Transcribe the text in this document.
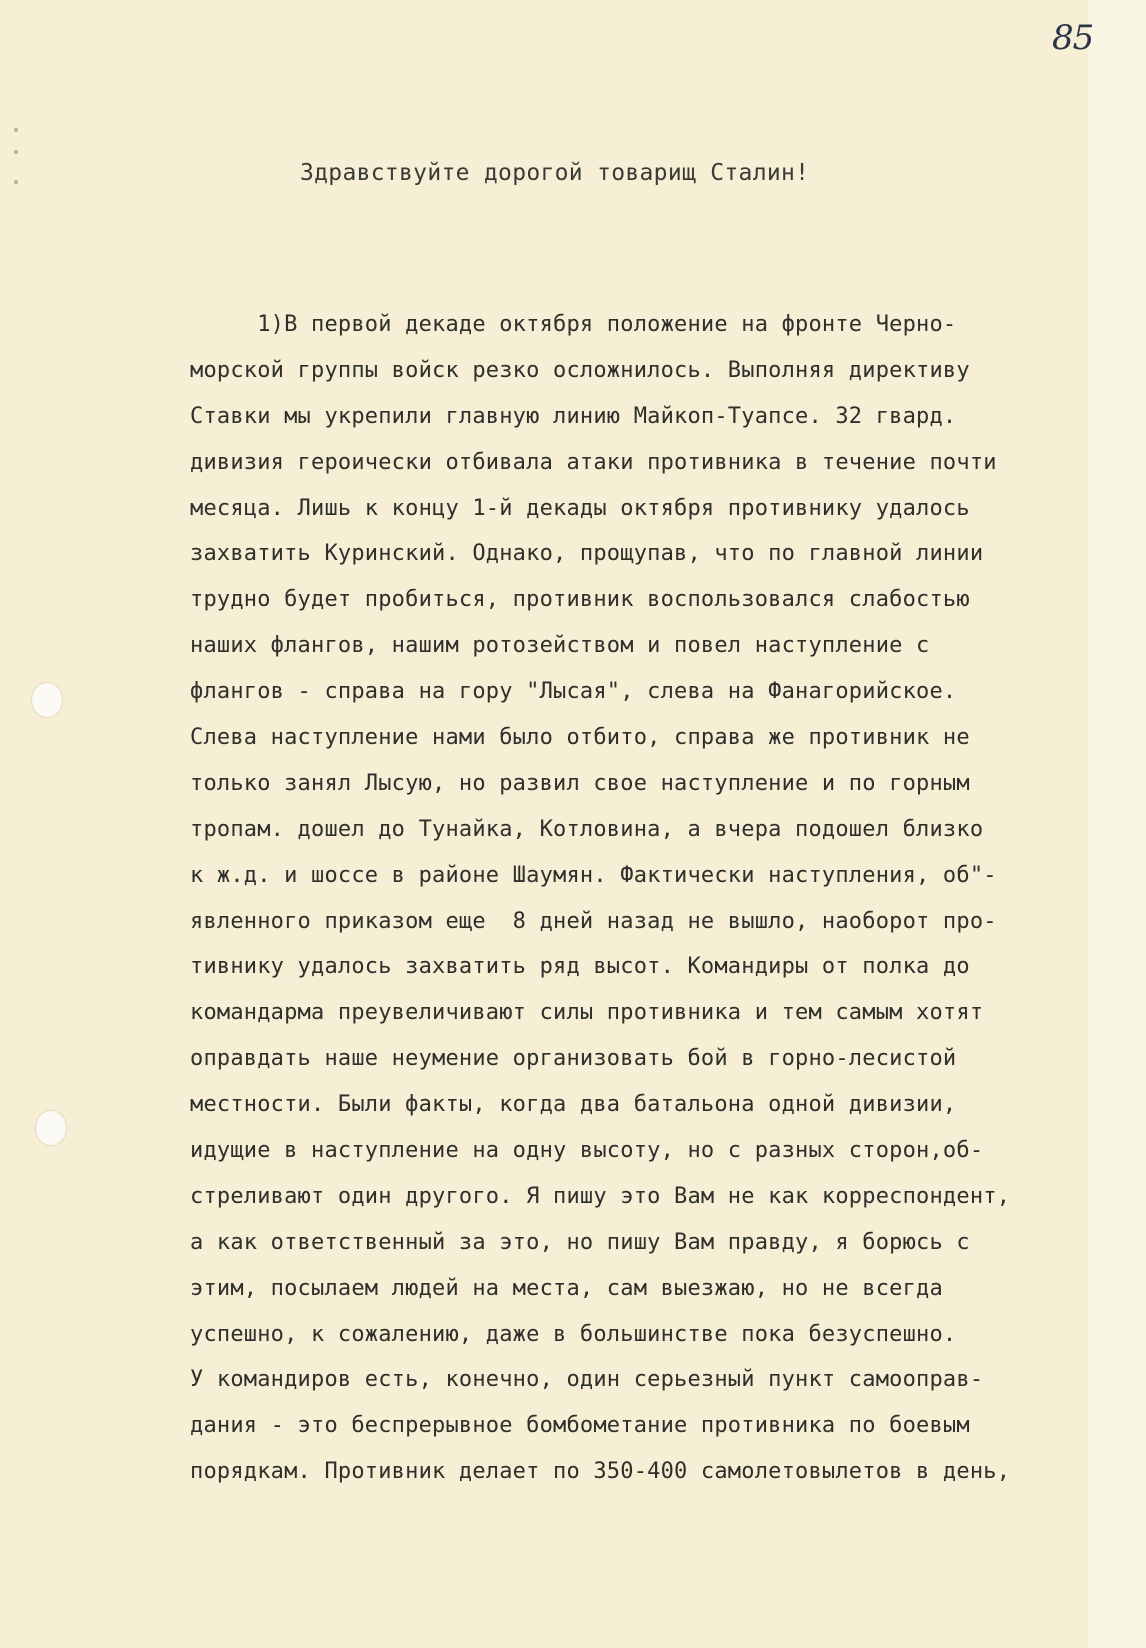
85
Здравствуйте дорогой товарищ Сталин!
1)В первой декаде октября положение на фронте Черно-
морской группы войск резко осложнилось. Выполняя директиву
Ставки мы укрепили главную линию Майкоп-Туапсе. 32 гвард.
дивизия героически отбивала атаки противника в течение почти
месяца. Лишь к концу 1-й декады октября противнику удалось
захватить Куринский. Однако, прощупав, что по главной линии
трудно будет пробиться, противник воспользовался слабостью
наших флангов, нашим ротозейством и повел наступление с
флангов - справа на гору "Лысая", слева на Фанагорийское.
Слева наступление нами было отбито, справа же противник не
только занял Лысую, но развил свое наступление и по горным
тропам. дошел до Тунайка, Котловина, а вчера подошел близко
к ж.д. и шоссе в районе Шаумян. Фактически наступления, об"-
явленного приказом еще  8 дней назад не вышло, наоборот про-
тивнику удалось захватить ряд высот. Командиры от полка до
командарма преувеличивают силы противника и тем самым хотят
оправдать наше неумение организовать бой в горно-лесистой
местности. Были факты, когда два батальона одной дивизии,
идущие в наступление на одну высоту, но с разных сторон,об-
стреливают один другого. Я пишу это Вам не как корреспондент,
а как ответственный за это, но пишу Вам правду, я борюсь с
этим, посылаем людей на места, сам выезжаю, но не всегда
успешно, к сожалению, даже в большинстве пока безуспешно.
У командиров есть, конечно, один серьезный пункт самооправ-
дания - это беспрерывное бомбометание противника по боевым
порядкам. Противник делает по 350-400 самолетовылетов в день,
